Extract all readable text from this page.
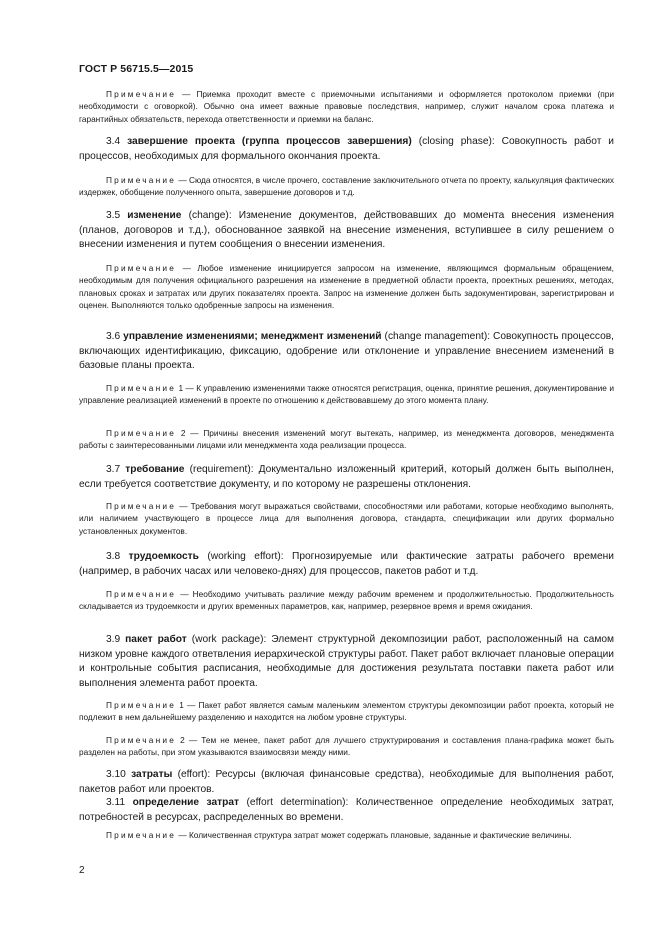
ГОСТ Р 56715.5—2015
Примечание — Приемка проходит вместе с приемочными испытаниями и оформляется протоколом приемки (при необходимости с оговоркой). Обычно она имеет важные правовые последствия, например, служит началом срока платежа и гарантийных обязательств, перехода ответственности и приемки на баланс.
3.4 завершение проекта (группа процессов завершения) (closing phase): Совокупность работ и процессов, необходимых для формального окончания проекта.
Примечание — Сюда относятся, в числе прочего, составление заключительного отчета по проекту, калькуляция фактических издержек, обобщение полученного опыта, завершение договоров и т.д.
3.5 изменение (change): Изменение документов, действовавших до момента внесения изменения (планов, договоров и т.д.), обоснованное заявкой на внесение изменения, вступившее в силу решением о внесении изменения и путем сообщения о внесении изменения.
Примечание — Любое изменение инициируется запросом на изменение, являющимся формальным обращением, необходимым для получения официального разрешения на изменение в предметной области проекта, проектных решениях, методах, плановых сроках и затратах или других показателях проекта. Запрос на изменение должен быть задокументирован, зарегистрирован и оценен. Выполняются только одобренные запросы на изменения.
3.6 управление изменениями; менеджмент изменений (change management): Совокупность процессов, включающих идентификацию, фиксацию, одобрение или отклонение и управление внесением изменений в базовые планы проекта.
Примечание 1 — К управлению изменениями также относятся регистрация, оценка, принятие решения, документирование и управление реализацией изменений в проекте по отношению к действовавшему до этого момента плану.
Примечание 2 — Причины внесения изменений могут вытекать, например, из менеджмента договоров, менеджмента работы с заинтересованными лицами или менеджмента хода реализации процесса.
3.7 требование (requirement): Документально изложенный критерий, который должен быть выполнен, если требуется соответствие документу, и по которому не разрешены отклонения.
Примечание — Требования могут выражаться свойствами, способностями или работами, которые необходимо выполнять, или наличием участвующего в процессе лица для выполнения договора, стандарта, спецификации или других формально установленных документов.
3.8 трудоемкость (working effort): Прогнозируемые или фактические затраты рабочего времени (например, в рабочих часах или человеко-днях) для процессов, пакетов работ и т.д.
Примечание — Необходимо учитывать различие между рабочим временем и продолжительностью. Продолжительность складывается из трудоемкости и других временных параметров, как, например, резервное время и время ожидания.
3.9 пакет работ (work package): Элемент структурной декомпозиции работ, расположенный на самом низком уровне каждого ответвления иерархической структуры работ. Пакет работ включает плановые операции и контрольные события расписания, необходимые для достижения результата поставки пакета работ или выполнения элемента работ проекта.
Примечание 1 — Пакет работ является самым маленьким элементом структуры декомпозиции работ проекта, который не подлежит в нем дальнейшему разделению и находится на любом уровне структуры.
Примечание 2 — Тем не менее, пакет работ для лучшего структурирования и составления плана-графика может быть разделен на работы, при этом указываются взаимосвязи между ними.
3.10 затраты (effort): Ресурсы (включая финансовые средства), необходимые для выполнения работ, пакетов работ или проектов.
3.11 определение затрат (effort determination): Количественное определение необходимых затрат, потребностей в ресурсах, распределенных во времени.
Примечание — Количественная структура затрат может содержать плановые, заданные и фактические величины.
2
